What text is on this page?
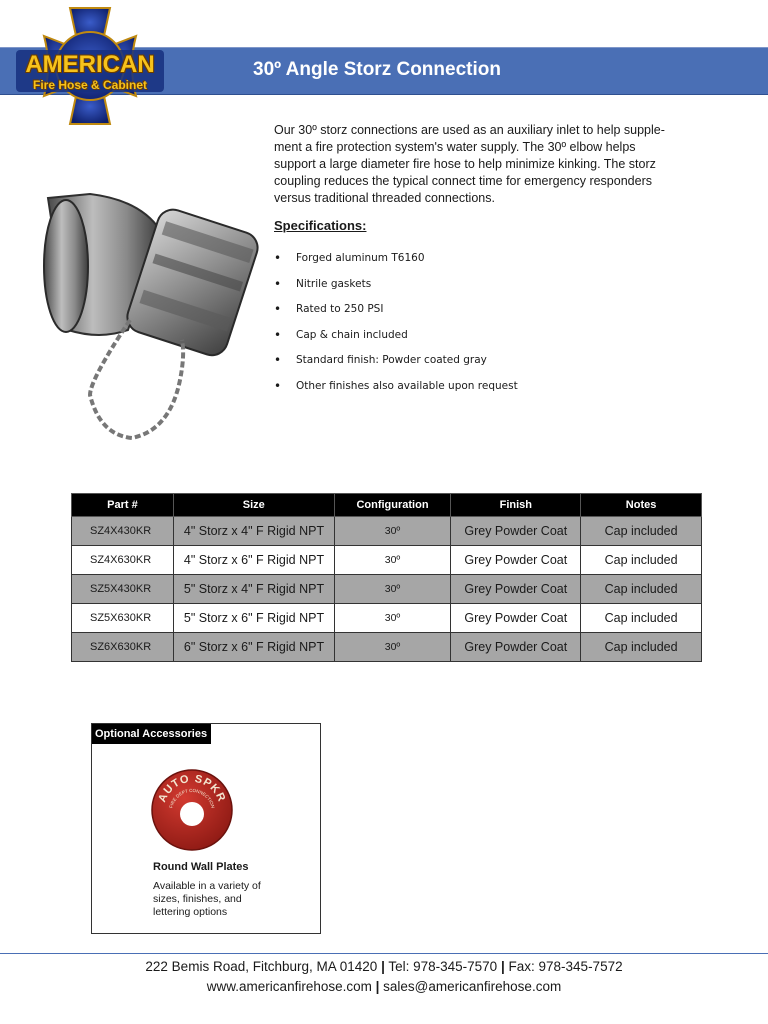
30º Angle Storz Connection
AMERICAN
Fire Hose & Cabinet
Our 30º storz connections are used as an auxiliary inlet to help supple-ment a fire protection system's water supply. The 30º elbow helps support a large diameter fire hose to help minimize kinking. The storz coupling reduces the typical connect time for emergency responders versus traditional threaded connections.
Specifications:
• Forged aluminum T6160
• Nitrile gaskets
• Rated to 250 PSI
• Cap & chain included
• Standard finish: Powder coated gray
• Other finishes also available upon request
Part #	Size	Configuration	Finish	Notes
SZ4X430KR	4" Storz x 4" F Rigid NPT	30º	Grey Powder Coat	Cap included
SZ4X630KR	4" Storz x 6" F Rigid NPT	30º	Grey Powder Coat	Cap included
SZ5X430KR	5" Storz x 4" F Rigid NPT	30º	Grey Powder Coat	Cap included
SZ5X630KR	5" Storz x 6" F Rigid NPT	30º	Grey Powder Coat	Cap included
SZ6X630KR	6" Storz x 6" F Rigid NPT	30º	Grey Powder Coat	Cap included
Optional Accessories
AUTO SPKR
FIRE DEPT CONNECTION
Round Wall Plates
Available in a variety of sizes, finishes, and lettering options
222 Bemis Road, Fitchburg, MA 01420 | Tel: 978-345-7570 | Fax: 978-345-7572
www.americanfirehose.com | sales@americanfirehose.com
